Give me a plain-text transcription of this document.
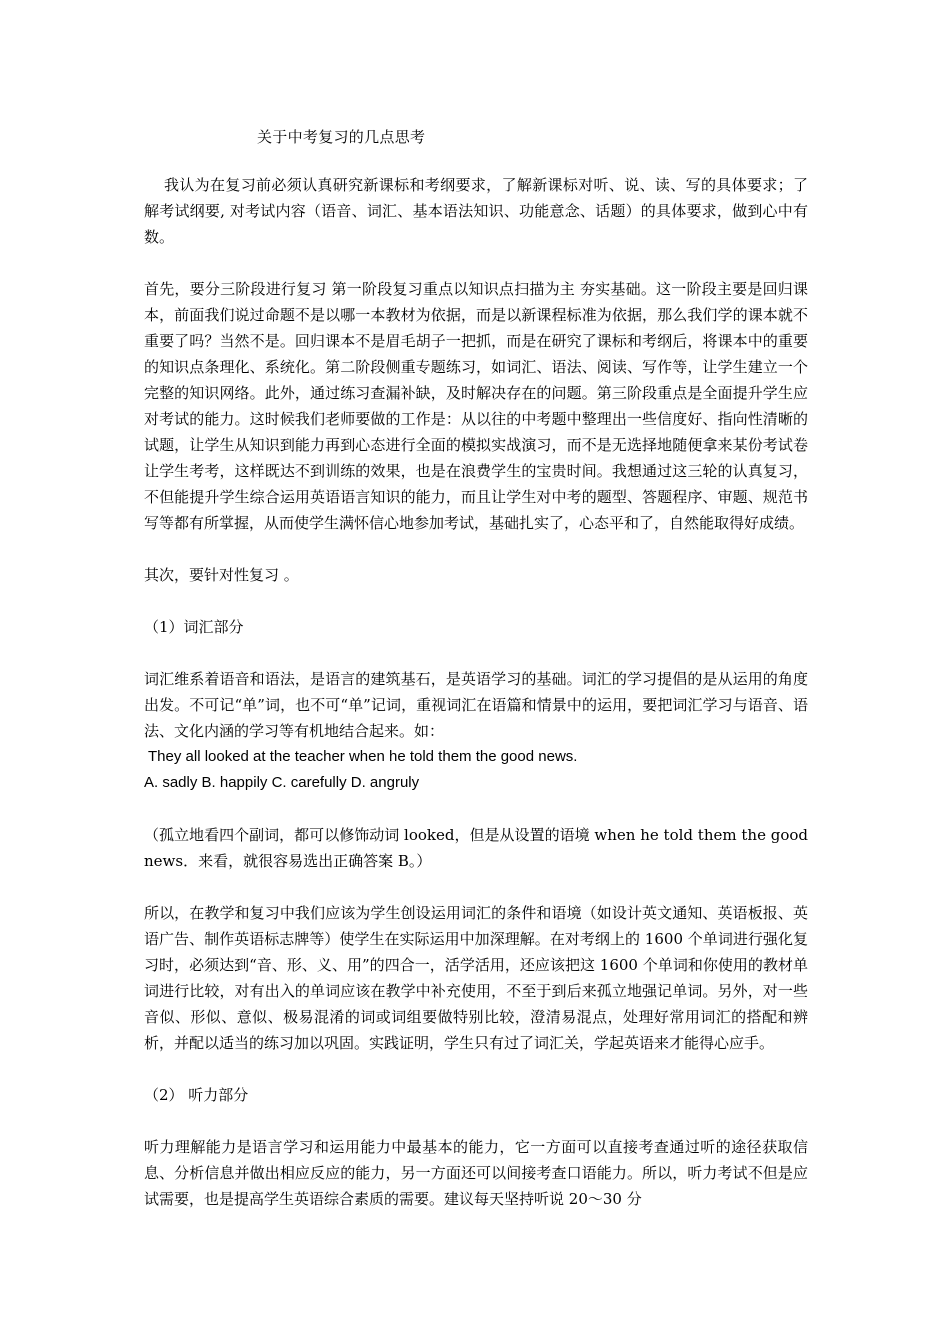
关于中考复习的几点思考

我认为在复习前必须认真研究新课标和考纲要求，了解新课标对听、说、读、写的具体要求；了解考试纲要, 对考试内容（语音、词汇、基本语法知识、功能意念、话题）的具体要求，做到心中有数。

首先，要分三阶段进行复习 第一阶段复习重点以知识点扫描为主 夯实基础。这一阶段主要是回归课本，前面我们说过命题不是以哪一本教材为依据，而是以新课程标准为依据，那么我们学的课本就不重要了吗？当然不是。回归课本不是眉毛胡子一把抓，而是在研究了课标和考纲后，将课本中的重要的知识点条理化、系统化。第二阶段侧重专题练习，如词汇、语法、阅读、写作等，让学生建立一个完整的知识网络。此外，通过练习查漏补缺，及时解决存在的问题。第三阶段重点是全面提升学生应对考试的能力。这时候我们老师要做的工作是：从以往的中考题中整理出一些信度好、指向性清晰的试题，让学生从知识到能力再到心态进行全面的模拟实战演习，而不是无选择地随便拿来某份考试卷让学生考考，这样既达不到训练的效果，也是在浪费学生的宝贵时间。我想通过这三轮的认真复习，不但能提升学生综合运用英语语言知识的能力，而且让学生对中考的题型、答题程序、审题、规范书写等都有所掌握，从而使学生满怀信心地参加考试，基础扎实了，心态平和了，自然能取得好成绩。

其次，要针对性复习 。

（1）词汇部分

词汇维系着语音和语法，是语言的建筑基石，是英语学习的基础。词汇的学习提倡的是从运用的角度出发。不可记“单”词，也不可“单”记词，重视词汇在语篇和情景中的运用，要把词汇学习与语音、语法、文化内涵的学习等有机地结合起来。如：

They all looked at the teacher when he told them the good news.

A. sadly B. happily C. carefully D. angruly

（孤立地看四个副词，都可以修饰动词 looked，但是从设置的语境 when he told them the good news．来看，就很容易选出正确答案 B。）

所以，在教学和复习中我们应该为学生创设运用词汇的条件和语境（如设计英文通知、英语板报、英语广告、制作英语标志牌等）使学生在实际运用中加深理解。在对考纲上的 1600 个单词进行强化复习时，必须达到“音、形、义、用”的四合一，活学活用，还应该把这 1600 个单词和你使用的教材单词进行比较，对有出入的单词应该在教学中补充使用，不至于到后来孤立地强记单词。另外，对一些音似、形似、意似、极易混淆的词或词组要做特别比较，澄清易混点，处理好常用词汇的搭配和辨析，并配以适当的练习加以巩固。实践证明，学生只有过了词汇关，学起英语来才能得心应手。

（2） 听力部分

听力理解能力是语言学习和运用能力中最基本的能力，它一方面可以直接考查通过听的途径获取信息、分析信息并做出相应反应的能力，另一方面还可以间接考查口语能力。所以，听力考试不但是应试需要，也是提高学生英语综合素质的需要。建议每天坚持听说 20～30 分
